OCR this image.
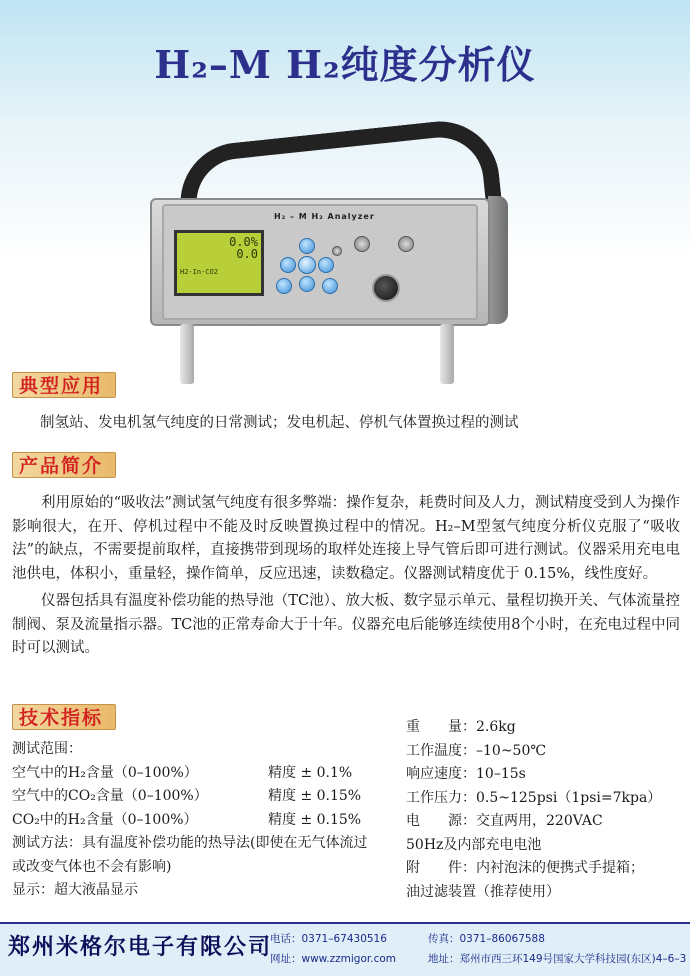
H₂–M H₂纯度分析仪
H₂ – M H₂ Analyzer
0.0%
0.0
H2-In-CO2
典型应用

制氢站、发电机氢气纯度的日常测试；发电机起、停机气体置换过程的测试

产品简介

利用原始的“吸收法”测试氢气纯度有很多弊端：操作复杂，耗费时间及人力，测试精度受到人为操作影响很大，在开、停机过程中不能及时反映置换过程中的情况。H₂–M型氢气纯度分析仪克服了“吸收法”的缺点，不需要提前取样，直接携带到现场的取样处连接上导气管后即可进行测试。仪器采用充电电池供电，体积小，重量轻，操作简单，反应迅速，读数稳定。仪器测试精度优于 0.15%，线性度好。

仪器包括具有温度补偿功能的热导池（TC池）、放大板、数字显示单元、量程切换开关、气体流量控制阀、泵及流量指示器。TC池的正常寿命大于十年。仪器充电后能够连续使用8个小时，在充电过程中同时可以测试。

技术指标
测试范围：
空气中的H₂含量（0–100%）	精度 ± 0.1%
空气中的CO₂含量（0–100%）	精度 ± 0.15%
CO₂中的H₂含量（0–100%）	精度 ± 0.15%
测试方法：具有温度补偿功能的热导法(即使在无气体流过或改变气体也不会有影响)
显示：超大液晶显示
重　　量：2.6kg
工作温度：–10~50℃
响应速度：10–15s
工作压力：0.5~125psi（1psi=7kpa）
电　　源：交直两用，220VAC
50Hz及内部充电电池
附　　件：内衬泡沫的便携式手提箱；
油过滤装置（推荐使用）
郑州米格尔电子有限公司
电话：0371–67430516	传真：0371–86067588
网址：www.zzmigor.com	地址：郑州市西三环149号国家大学科技园(东区)4–6–3
